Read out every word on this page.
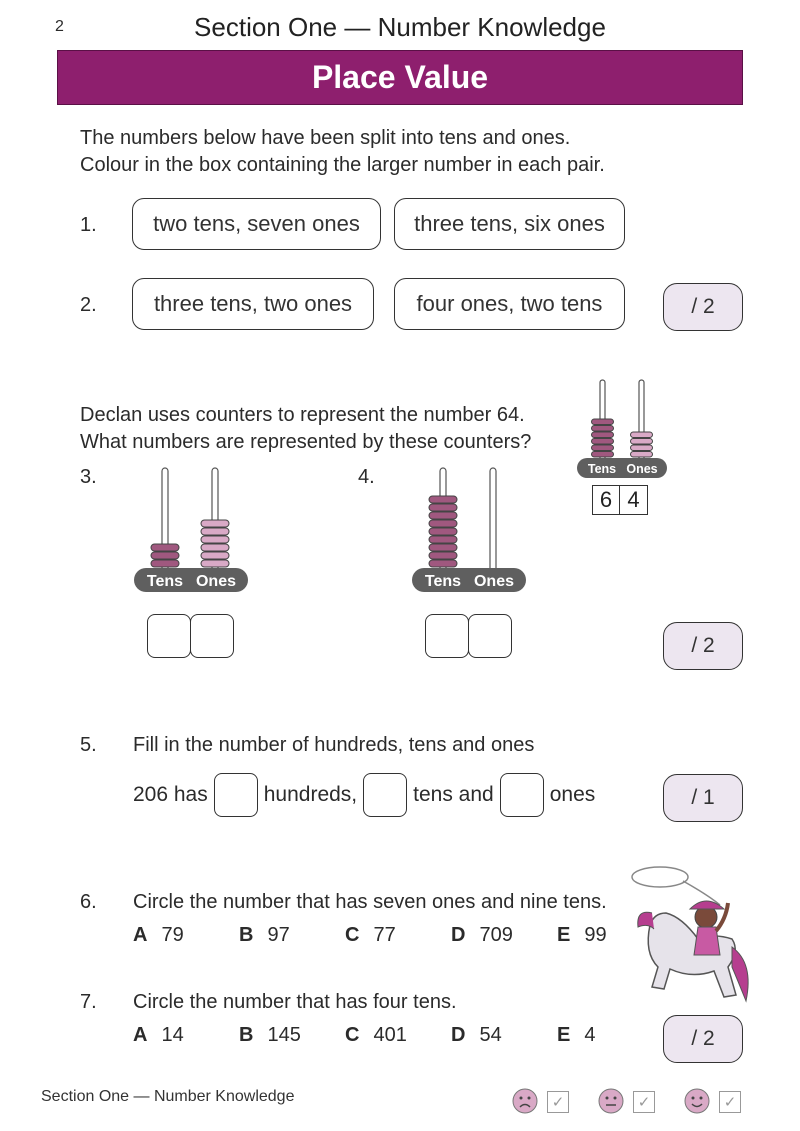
2	Section One — Number Knowledge
Place Value
The numbers below have been split into tens and ones.
Colour in the box containing the larger number in each pair.
1.	two tens, seven ones	three tens, six ones
2.	three tens, two ones	four ones, two tens	/ 2
Declan uses counters to represent the number 64.
What numbers are represented by these counters?
Tens Ones
6 4
3.
Tens Ones
4.
Tens Ones
/ 2
5. Fill in the number of hundreds, tens and ones
206 has	hundreds,	tens and	ones	/ 1
6. Circle the number that has seven ones and nine tens.
A 79	B 97	C 77	D 709	E 99
7. Circle the number that has four tens.
A 14	B 145	C 401	D 54	E 4	/ 2
Section One — Number Knowledge	✓	✓	✓
